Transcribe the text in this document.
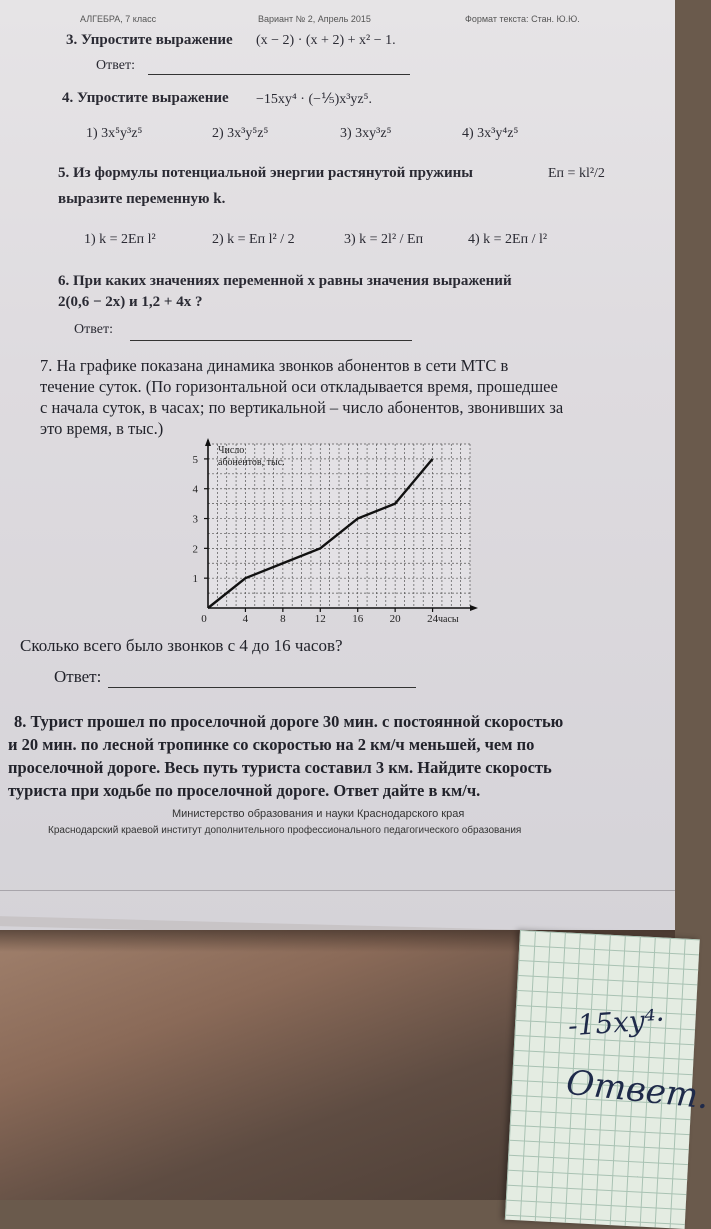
-15xy⁴·
Ответ.
АЛГЕБРА, 7 класс	Вариант № 2, Апрель 2015	Формат текста: Стан. Ю.Ю.
3. Упростите выражение (x − 2) · (x + 2) + x² − 1.
Ответ:
4. Упростите выражение −15xy⁴ · (−⅕)x³yz⁵.
1) 3x⁵y³z⁵	2) 3x³y⁵z⁵	3) 3xy³z⁵	4) 3x³y⁴z⁵
5. Из формулы потенциальной энергии растянутой пружины	Eп = kl²/2
выразите переменную k.
1) k = 2Eп l²	2) k = Eп l² / 2	3) k = 2l² / Eп	4) k = 2Eп / l²
6. При каких значениях переменной x равны значения выражений
2(0,6 − 2x) и 1,2 + 4x ?
Ответ:
7. На графике показана динамика звонков абонентов в сети МТС в
течение суток. (По горизонтальной оси откладывается время, прошедшее
с начала суток, в часах; по вертикальной – число абонентов, звонивших за
это время, в тыс.)
0	4	8	12 16 20 24
1
2
3
4
5
Число
абонентов, тыс.
часы
Сколько всего было звонков с 4 до 16 часов?
Ответ:
8. Турист прошел по проселочной дороге 30 мин. с постоянной скоростью
и 20 мин. по лесной тропинке со скоростью на 2 км/ч меньшей, чем по
проселочной дороге. Весь путь туриста составил 3 км. Найдите скорость
туриста при ходьбе по проселочной дороге. Ответ дайте в км/ч.
Министерство образования и науки Краснодарского края
Краснодарский краевой институт дополнительного профессионального педагогического образования
